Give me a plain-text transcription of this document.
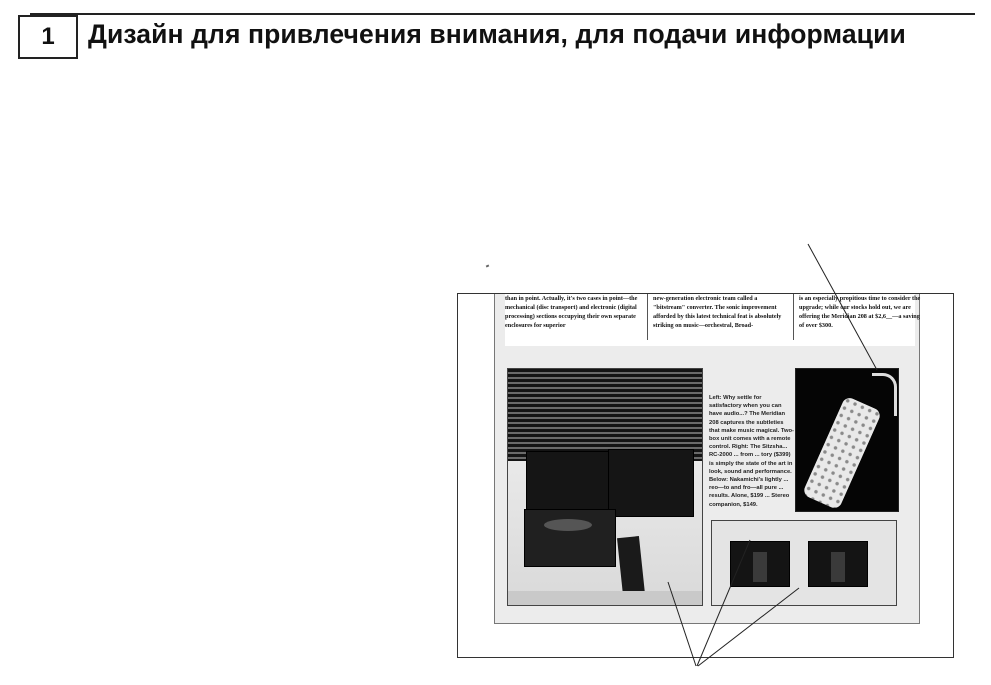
1	Дизайн для привлечения внимания, для подачи информации
than in point. Actually, it's two cases in point—the mechanical (disc transport) and electronic (digital processing) sections occupying their own separate enclosures for superior
new-generation electronic team called a "bitstream" converter. The sonic improvement afforded by this latest technical feat is absolutely striking on music—orchestral, Broad-
is an especially propitious time to consider the upgrade; while our stocks hold out, we are offering the Meridian 208 at $2,6__—a saving of over $300.
Left: Why settle for satisfactory when you can have audio...? The Meridian 208 captures the subtleties that make music magical. Two-box unit comes with a remote control. Right: The Sitzsha... RC-2000 ... from ... tory ($399) is simply the state of the art in look, sound and performance. Below: Nakamichi's lightly ... reo—to and fro—all pure ... results. Alone, $199 ... Stereo companion, $149.
